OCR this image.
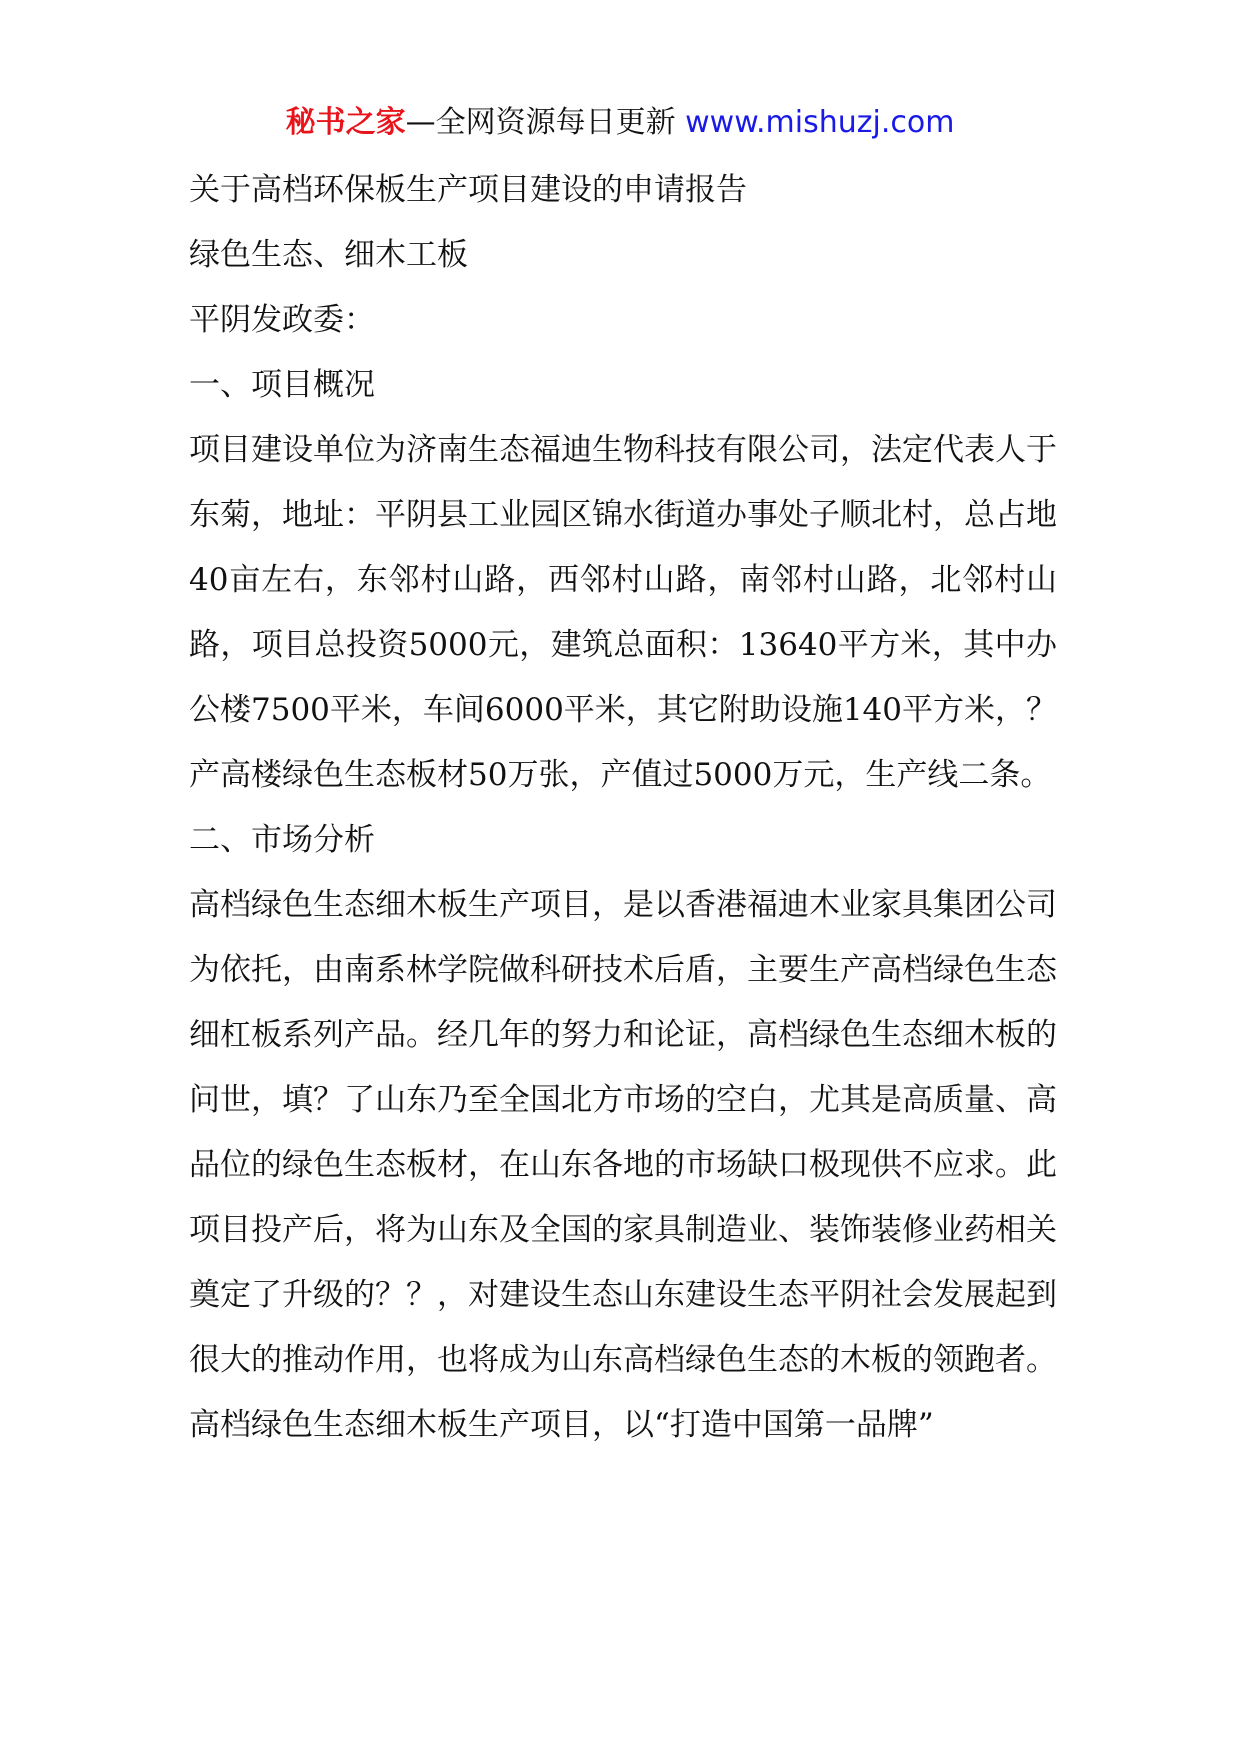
秘书之家—全网资源每日更新 www.mishuzj.com

关于高档环保板生产项目建设的申请报告

绿色生态、细木工板

平阴发政委：

一、项目概况

项目建设单位为济南生态福迪生物科技有限公司，法定代表人于东菊，地址：平阴县工业园区锦水街道办事处子顺北村，总占地40亩左右，东邻村山路，西邻村山路，南邻村山路，北邻村山路，项目总投资5000元，建筑总面积：13640平方米，其中办公楼7500平米，车间6000平米，其它附助设施140平方米，？产高楼绿色生态板材50万张，产值过5000万元，生产线二条。

二、市场分析

高档绿色生态细木板生产项目，是以香港福迪木业家具集团公司为依托，由南系林学院做科研技术后盾，主要生产高档绿色生态细杠板系列产品。经几年的努力和论证，高档绿色生态细木板的问世，填？了山东乃至全国北方市场的空白，尤其是高质量、高品位的绿色生态板材，在山东各地的市场缺口极现供不应求。此项目投产后，将为山东及全国的家具制造业、装饰装修业药相关奠定了升级的？？，对建设生态山东建设生态平阴社会发展起到很大的推动作用，也将成为山东高档绿色生态的木板的领跑者。

高档绿色生态细木板生产项目，以“打造中国第一品牌”
